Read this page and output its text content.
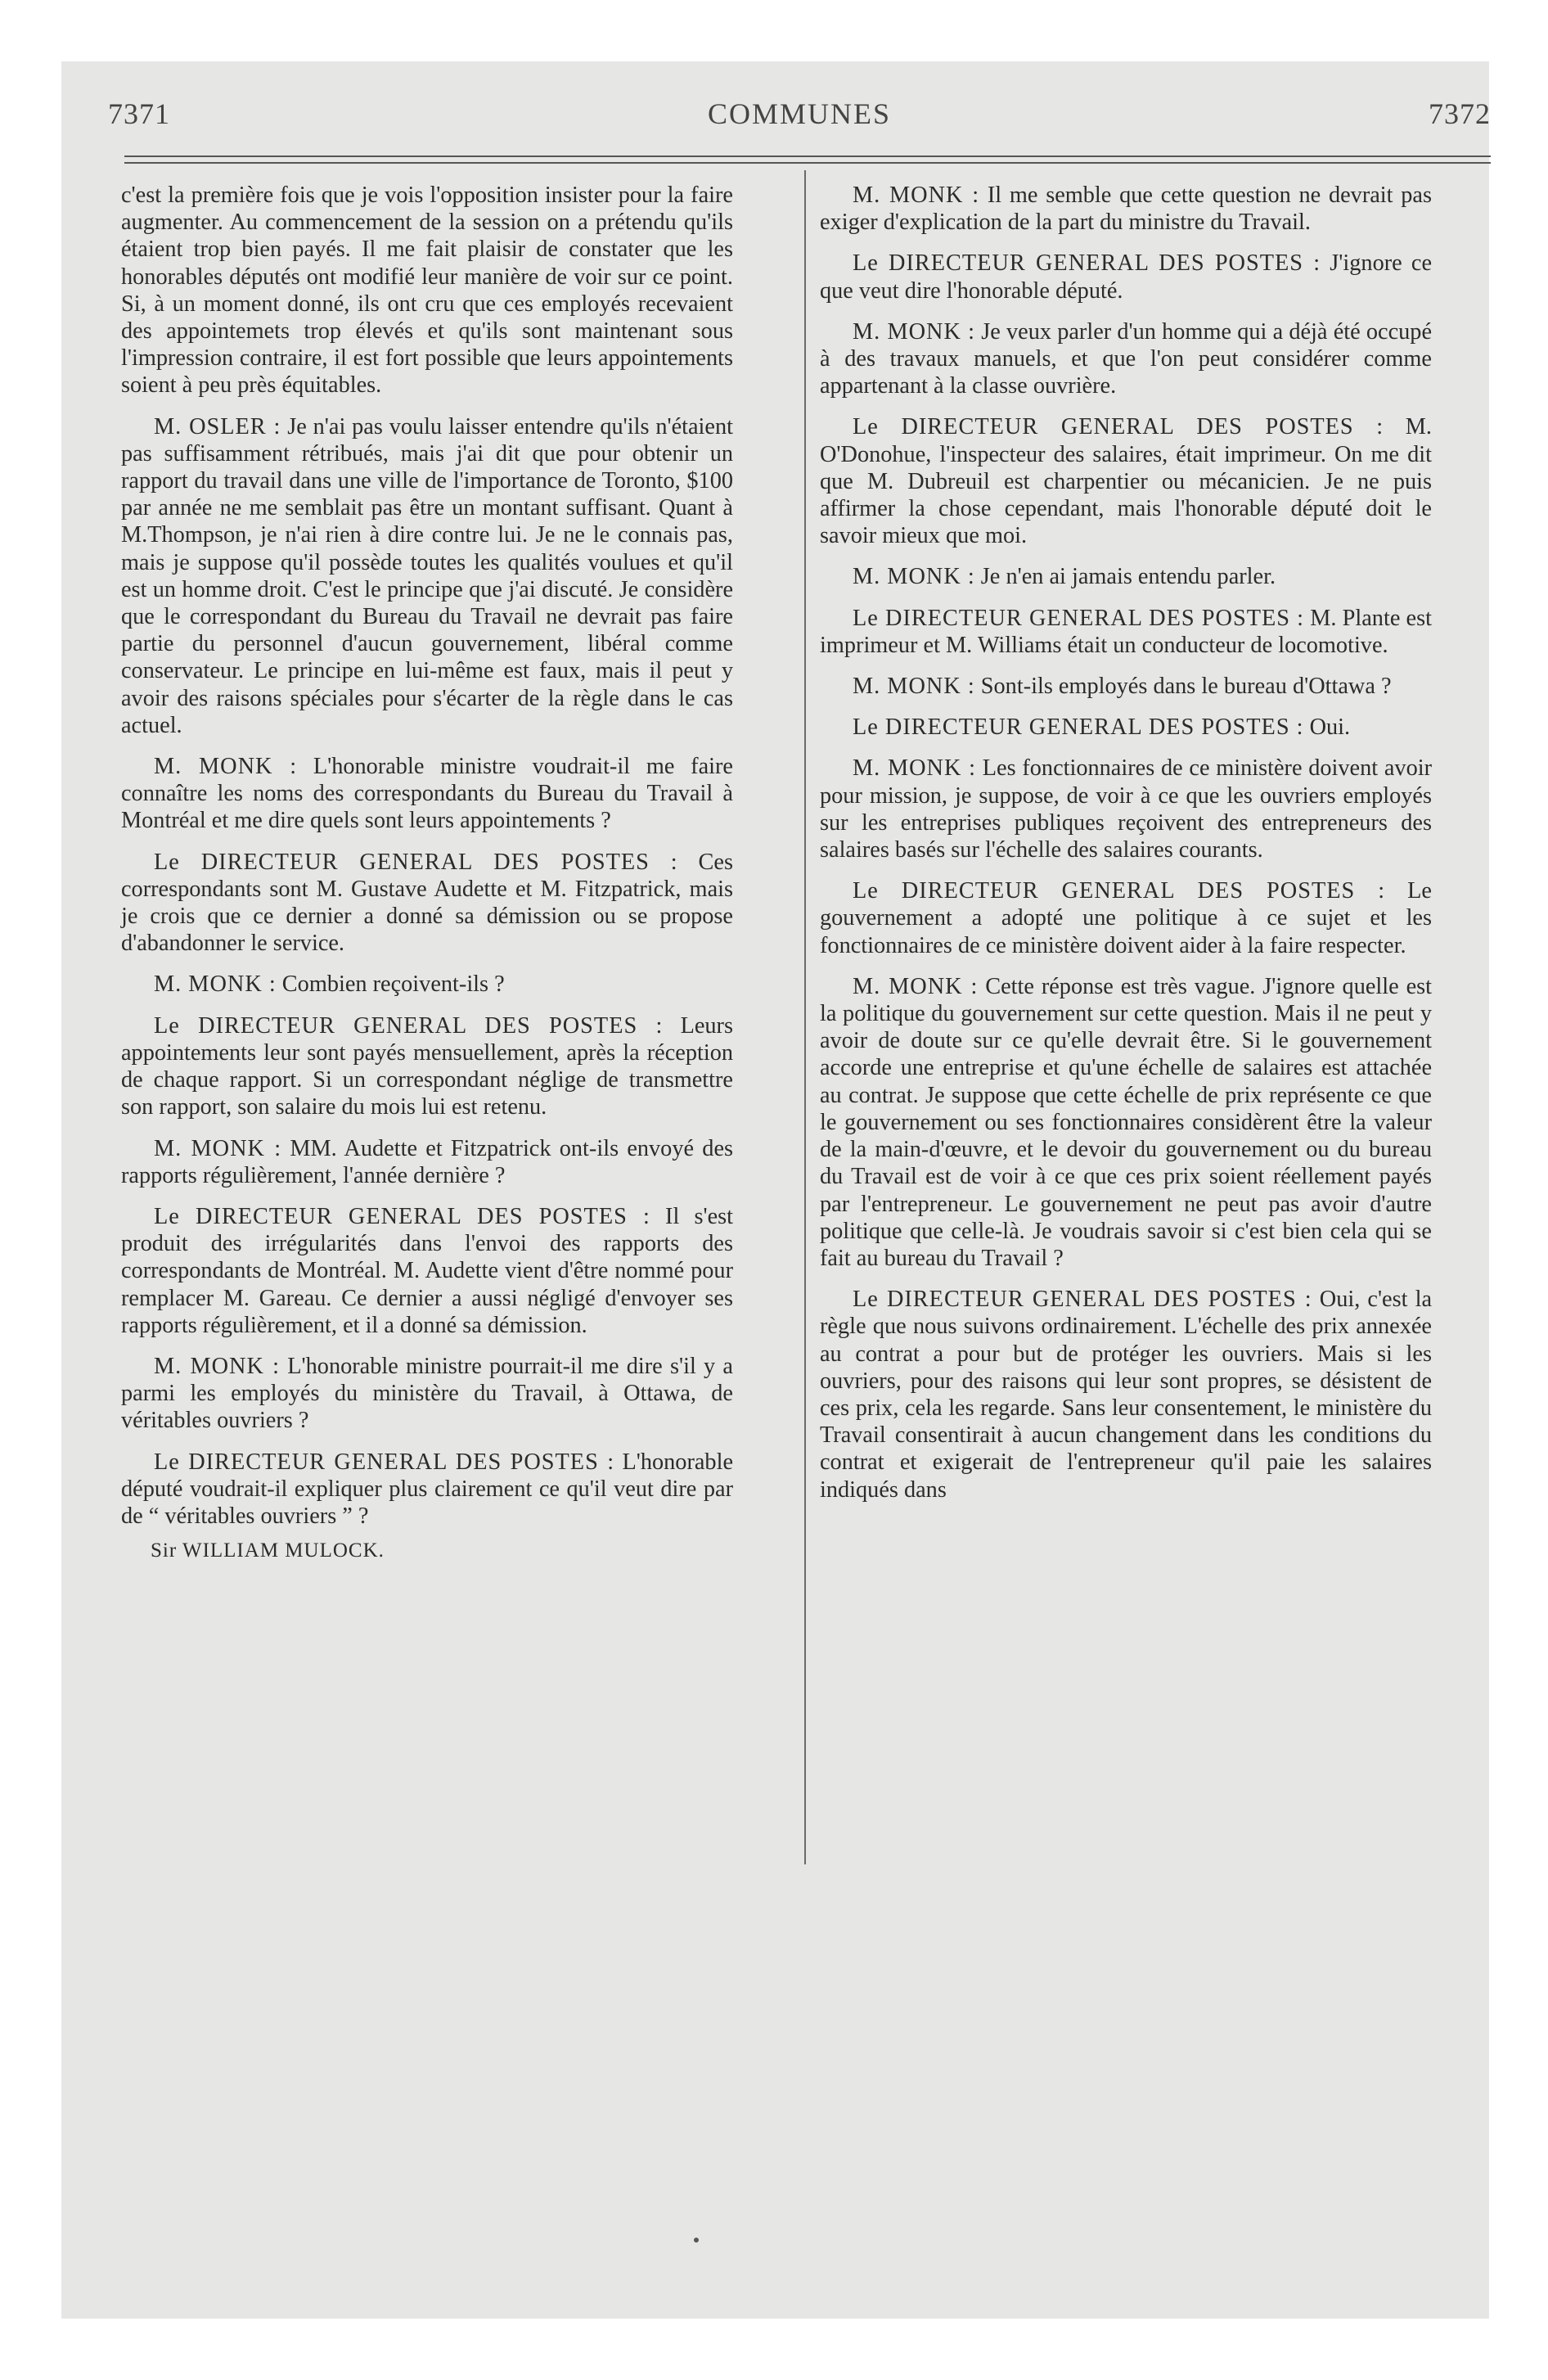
7371	COMMUNES	7372

c'est la première fois que je vois l'opposition insister pour la faire augmenter. Au commencement de la session on a prétendu qu'ils étaient trop bien payés. Il me fait plaisir de constater que les honorables députés ont modifié leur manière de voir sur ce point. Si, à un moment donné, ils ont cru que ces employés recevaient des appointemets trop élevés et qu'ils sont maintenant sous l'impression contraire, il est fort possible que leurs appointements soient à peu près équitables.

M. OSLER : Je n'ai pas voulu laisser entendre qu'ils n'étaient pas suffisamment rétribués, mais j'ai dit que pour obtenir un rapport du travail dans une ville de l'importance de Toronto, $100 par année ne me semblait pas être un montant suffisant. Quant à M.Thompson, je n'ai rien à dire contre lui. Je ne le connais pas, mais je suppose qu'il possède toutes les qualités voulues et qu'il est un homme droit. C'est le principe que j'ai discuté. Je considère que le correspondant du Bureau du Travail ne devrait pas faire partie du personnel d'aucun gouvernement, libéral comme conservateur. Le principe en lui-même est faux, mais il peut y avoir des raisons spéciales pour s'écarter de la règle dans le cas actuel.

M. MONK : L'honorable ministre voudrait-il me faire connaître les noms des correspondants du Bureau du Travail à Montréal et me dire quels sont leurs appointements ?

Le DIRECTEUR GENERAL DES POSTES : Ces correspondants sont M. Gustave Audette et M. Fitzpatrick, mais je crois que ce dernier a donné sa démission ou se propose d'abandonner le service.

M. MONK : Combien reçoivent-ils ?

Le DIRECTEUR GENERAL DES POSTES : Leurs appointements leur sont payés mensuellement, après la réception de chaque rapport. Si un correspondant néglige de transmettre son rapport, son salaire du mois lui est retenu.

M. MONK : MM. Audette et Fitzpatrick ont-ils envoyé des rapports régulièrement, l'année dernière ?

Le DIRECTEUR GENERAL DES POSTES : Il s'est produit des irrégularités dans l'envoi des rapports des correspondants de Montréal. M. Audette vient d'être nommé pour remplacer M. Gareau. Ce dernier a aussi négligé d'envoyer ses rapports régulièrement, et il a donné sa démission.

M. MONK : L'honorable ministre pourrait-il me dire s'il y a parmi les employés du ministère du Travail, à Ottawa, de véritables ouvriers ?

Le DIRECTEUR GENERAL DES POSTES : L'honorable député voudrait-il expliquer plus clairement ce qu'il veut dire par de “ véritables ouvriers ” ?

Sir WILLIAM MULOCK.

M. MONK : Il me semble que cette question ne devrait pas exiger d'explication de la part du ministre du Travail.

Le DIRECTEUR GENERAL DES POSTES : J'ignore ce que veut dire l'honorable député.

M. MONK : Je veux parler d'un homme qui a déjà été occupé à des travaux manuels, et que l'on peut considérer comme appartenant à la classe ouvrière.

Le DIRECTEUR GENERAL DES POSTES : M. O'Donohue, l'inspecteur des salaires, était imprimeur. On me dit que M. Dubreuil est charpentier ou mécanicien. Je ne puis affirmer la chose cependant, mais l'honorable député doit le savoir mieux que moi.

M. MONK : Je n'en ai jamais entendu parler.

Le DIRECTEUR GENERAL DES POSTES : M. Plante est imprimeur et M. Williams était un conducteur de locomotive.

M. MONK : Sont-ils employés dans le bureau d'Ottawa ?

Le DIRECTEUR GENERAL DES POSTES : Oui.

M. MONK : Les fonctionnaires de ce ministère doivent avoir pour mission, je suppose, de voir à ce que les ouvriers employés sur les entreprises publiques reçoivent des entrepreneurs des salaires basés sur l'échelle des salaires courants.

Le DIRECTEUR GENERAL DES POSTES : Le gouvernement a adopté une politique à ce sujet et les fonctionnaires de ce ministère doivent aider à la faire respecter.

M. MONK : Cette réponse est très vague. J'ignore quelle est la politique du gouvernement sur cette question. Mais il ne peut y avoir de doute sur ce qu'elle devrait être. Si le gouvernement accorde une entreprise et qu'une échelle de salaires est attachée au contrat. Je suppose que cette échelle de prix représente ce que le gouvernement ou ses fonctionnaires considèrent être la valeur de la main-d'œuvre, et le devoir du gouvernement ou du bureau du Travail est de voir à ce que ces prix soient réellement payés par l'entrepreneur. Le gouvernement ne peut pas avoir d'autre politique que celle-là. Je voudrais savoir si c'est bien cela qui se fait au bureau du Travail ?

Le DIRECTEUR GENERAL DES POSTES : Oui, c'est la règle que nous suivons ordinairement. L'échelle des prix annexée au contrat a pour but de protéger les ouvriers. Mais si les ouvriers, pour des raisons qui leur sont propres, se désistent de ces prix, cela les regarde. Sans leur consentement, le ministère du Travail consentirait à aucun changement dans les conditions du contrat et exigerait de l'entrepreneur qu'il paie les salaires indiqués dans
